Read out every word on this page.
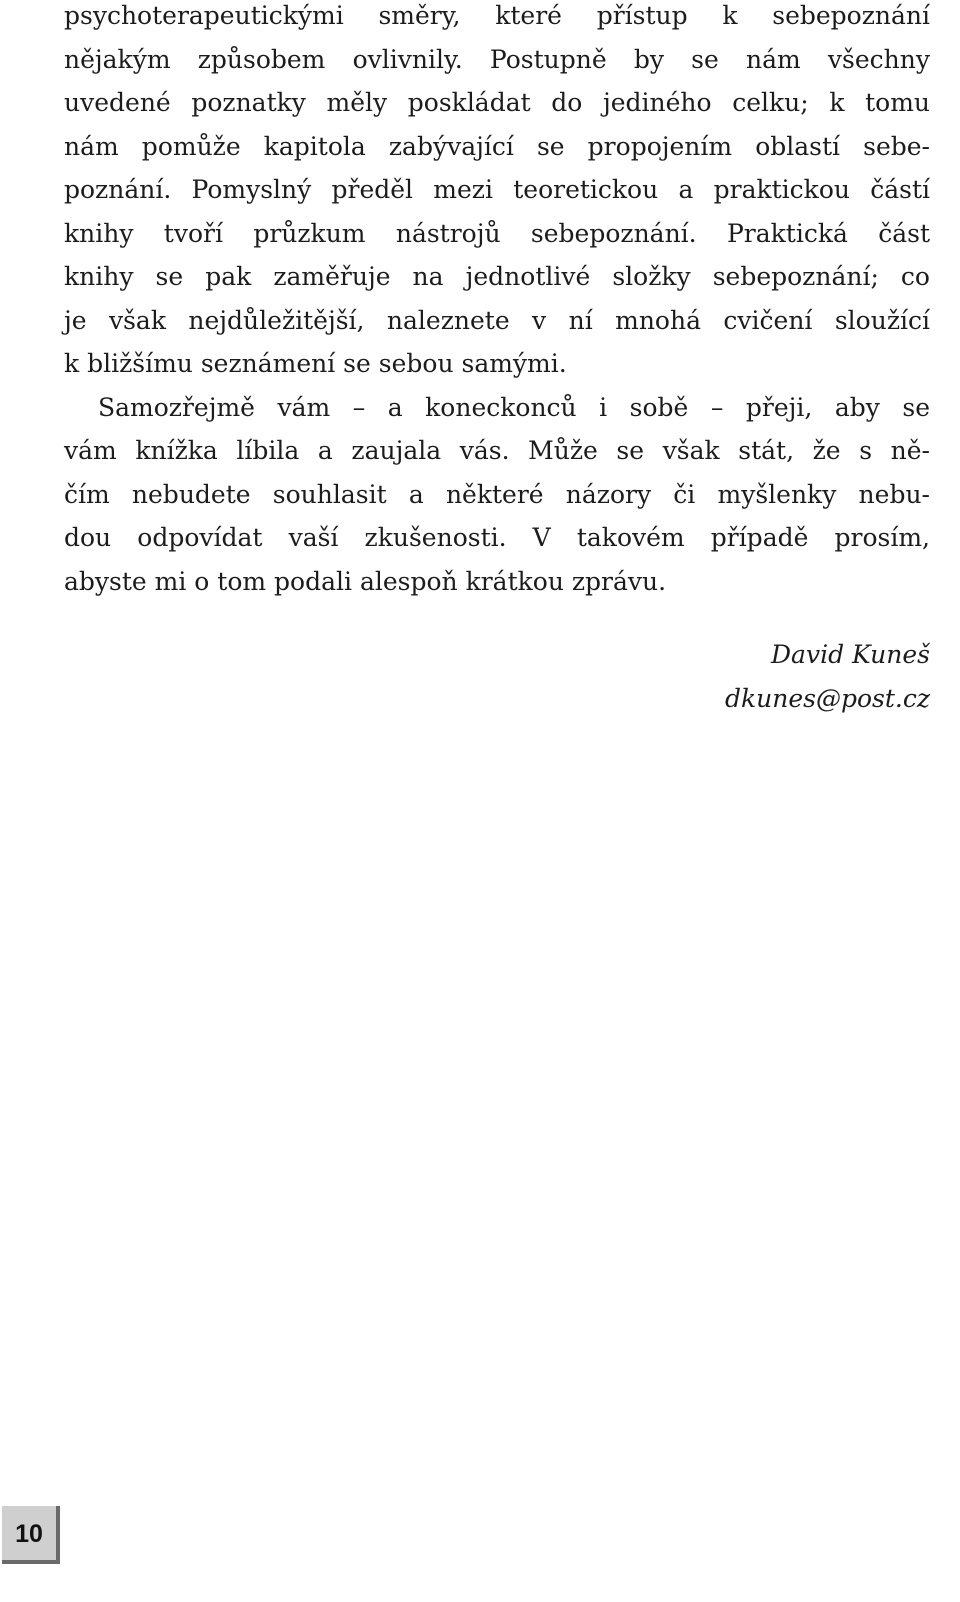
psychoterapeutickými směry, které přístup k sebepoznání
nějakým způsobem ovlivnily. Postupně by se nám všechny
uvedené poznatky měly poskládat do jediného celku; k tomu
nám pomůže kapitola zabývající se propojením oblastí sebe-
poznání. Pomyslný předěl mezi teoretickou a praktickou částí
knihy tvoří průzkum nástrojů sebepoznání. Praktická část
knihy se pak zaměřuje na jednotlivé složky sebepoznání; co
je však nejdůležitější, naleznete v ní mnohá cvičení sloužící
k bližšímu seznámení se sebou samými.
Samozřejmě vám – a koneckonců i sobě – přeji, aby se
vám knížka líbila a zaujala vás. Může se však stát, že s ně-
čím nebudete souhlasit a některé názory či myšlenky nebu-
dou odpovídat vaší zkušenosti. V takovém případě prosím,
abyste mi o tom podali alespoň krátkou zprávu.
David Kuneš
dkunes@post.cz
10
